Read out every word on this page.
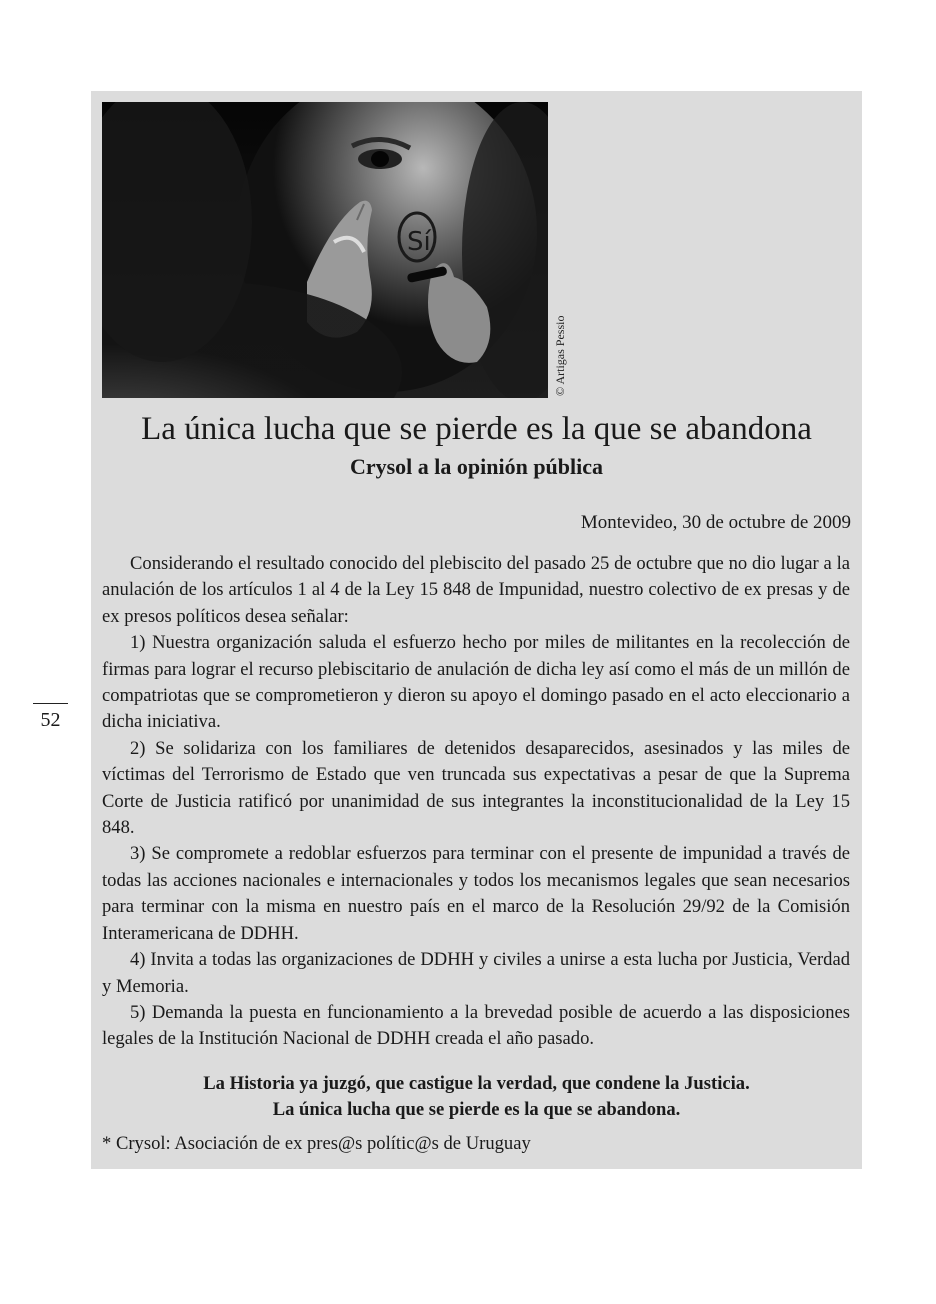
52
Sí
© Artigas Pessio
La única lucha que se pierde es la que se abandona
Crysol a la opinión pública
Montevideo, 30 de octubre de 2009

Considerando el resultado conocido del plebiscito del pasado 25 de octubre que no dio lugar a la anulación de los artículos 1 al 4 de la Ley 15 848 de Impunidad, nuestro colectivo de ex presas y de ex presos políticos desea señalar:

1) Nuestra organización saluda el esfuerzo hecho por miles de militantes en la recolección de firmas para lograr el recurso plebiscitario de anulación de dicha ley así como el más de un millón de compatriotas que se comprometieron y dieron su apoyo el domingo pasado en el acto eleccionario a dicha iniciativa.

2) Se solidariza con los familiares de detenidos desaparecidos, asesinados y las miles de víctimas del Terrorismo de Estado que ven truncada sus expectativas a pesar de que la Suprema Corte de Justicia ratificó por unanimidad de sus integrantes la inconstitucionalidad de la Ley 15 848.

3) Se compromete a redoblar esfuerzos para terminar con el presente de impunidad a través de todas las acciones nacionales e internacionales y todos los mecanismos legales que sean necesarios para terminar con la misma en nuestro país en el marco de la Resolución 29/92 de la Comisión Interamericana de DDHH.

4) Invita a todas las organizaciones de DDHH y civiles a unirse a esta lucha por Justicia, Verdad y Memoria.

5) Demanda la puesta en funcionamiento a la brevedad posible de acuerdo a las disposiciones legales de la Institución Nacional de DDHH creada el año pasado.

La Historia ya juzgó, que castigue la verdad, que condene la Justicia.
La única lucha que se pierde es la que se abandona.
* Crysol: Asociación de ex pres@s polític@s de Uruguay
